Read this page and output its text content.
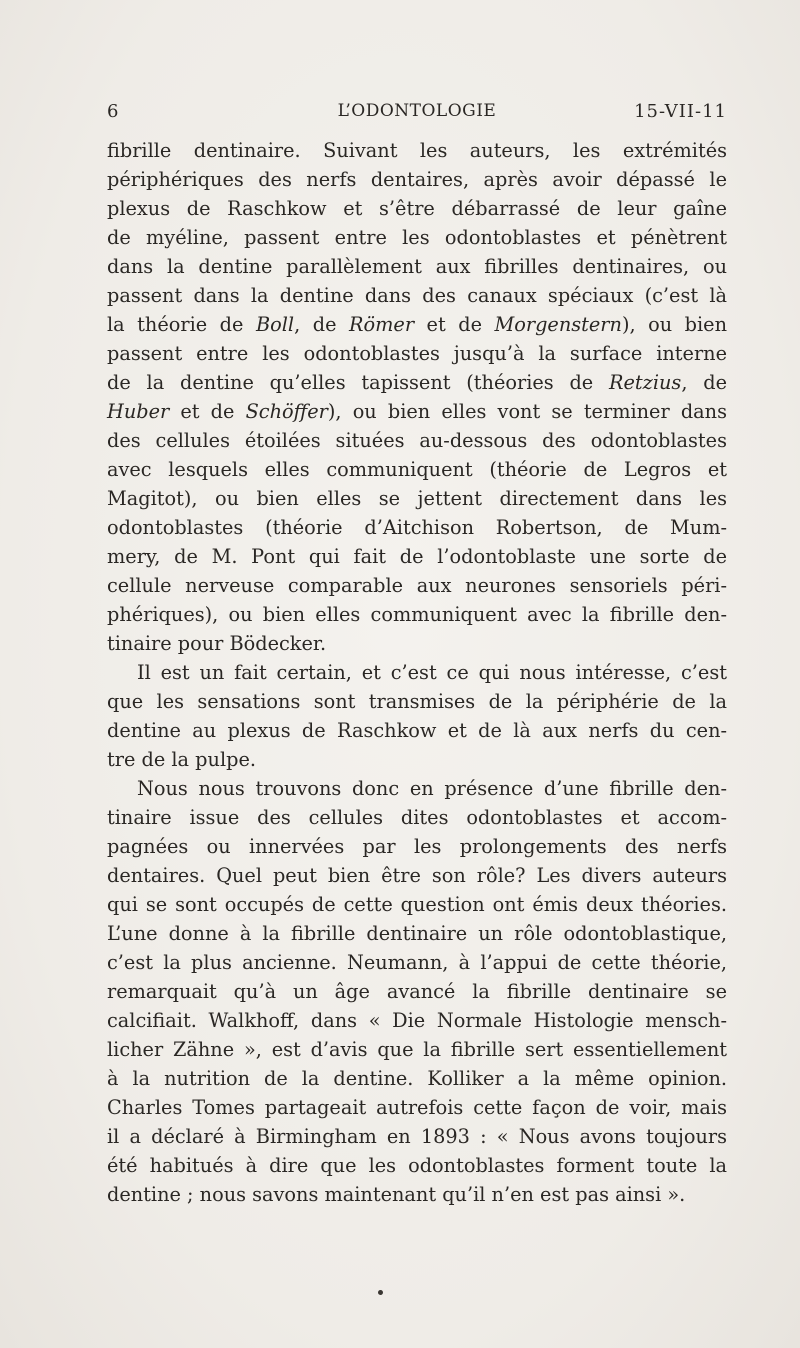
6	L’ODONTOLOGIE	15-VII-11
fibrille dentinaire. Suivant les auteurs, les extrémités
périphériques des nerfs dentaires, après avoir dépassé le
plexus de Raschkow et s’être débarrassé de leur gaîne
de myéline, passent entre les odontoblastes et pénètrent
dans la dentine parallèlement aux fibrilles dentinaires, ou
passent dans la dentine dans des canaux spéciaux (c’est là
la théorie de Boll, de Römer et de Morgenstern), ou bien
passent entre les odontoblastes jusqu’à la surface interne
de la dentine qu’elles tapissent (théories de Retzius, de
Huber et de Schöffer), ou bien elles vont se terminer dans
des cellules étoilées situées au-dessous des odontoblastes
avec lesquels elles communiquent (théorie de Legros et
Magitot), ou bien elles se jettent directement dans les
odontoblastes (théorie d’Aitchison Robertson, de Mum-
mery, de M. Pont qui fait de l’odontoblaste une sorte de
cellule nerveuse comparable aux neurones sensoriels péri-
phériques), ou bien elles communiquent avec la fibrille den-
tinaire pour Bödecker.
Il est un fait certain, et c’est ce qui nous intéresse, c’est
que les sensations sont transmises de la périphérie de la
dentine au plexus de Raschkow et de là aux nerfs du cen-
tre de la pulpe.
Nous nous trouvons donc en présence d’une fibrille den-
tinaire issue des cellules dites odontoblastes et accom-
pagnées ou innervées par les prolongements des nerfs
dentaires. Quel peut bien être son rôle? Les divers auteurs
qui se sont occupés de cette question ont émis deux théories.
L’une donne à la fibrille dentinaire un rôle odontoblastique,
c’est la plus ancienne. Neumann, à l’appui de cette théorie,
remarquait qu’à un âge avancé la fibrille dentinaire se
calcifiait. Walkhoff, dans « Die Normale Histologie mensch-
licher Zähne », est d’avis que la fibrille sert essentiellement
à la nutrition de la dentine. Kolliker a la même opinion.
Charles Tomes partageait autrefois cette façon de voir, mais
il a déclaré à Birmingham en 1893 : « Nous avons toujours
été habitués à dire que les odontoblastes forment toute la
dentine ; nous savons maintenant qu’il n’en est pas ainsi ».
